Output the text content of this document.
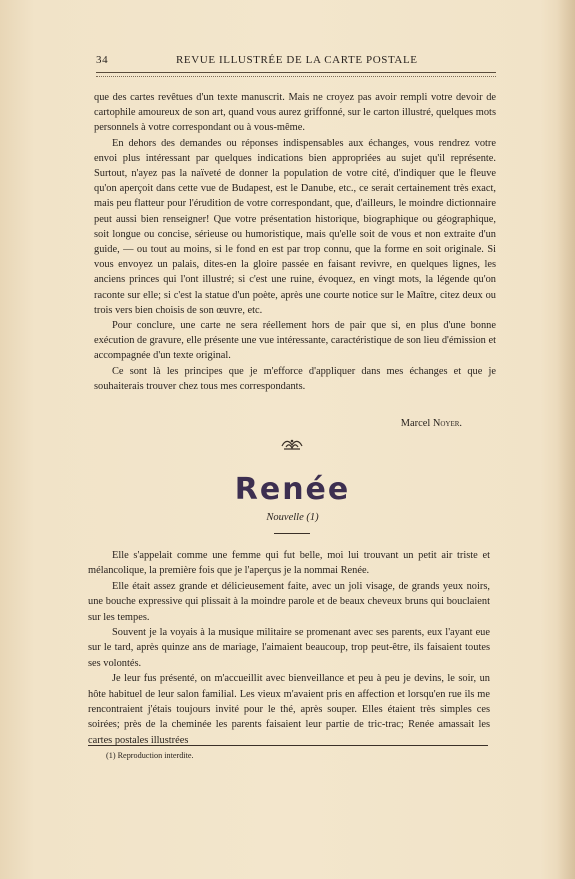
34	REVUE ILLUSTRÉE DE LA CARTE POSTALE

que des cartes revêtues d'un texte manuscrit. Mais ne croyez pas avoir rempli votre devoir de cartophile amoureux de son art, quand vous aurez griffonné, sur le carton illustré, quelques mots personnels à votre correspondant ou à vous-même.

En dehors des demandes ou réponses indispensables aux échanges, vous rendrez votre envoi plus intéressant par quelques indications bien appropriées au sujet qu'il représente. Surtout, n'ayez pas la naïveté de donner la population de votre cité, d'indiquer que le fleuve qu'on aperçoit dans cette vue de Budapest, est le Danube, etc., ce serait certainement très exact, mais peu flatteur pour l'érudition de votre correspondant, que, d'ailleurs, le moindre dictionnaire peut aussi bien renseigner! Que votre présentation historique, biographique ou géographique, soit longue ou concise, sérieuse ou humoristique, mais qu'elle soit de vous et non extraite d'un guide, — ou tout au moins, si le fond en est par trop connu, que la forme en soit originale. Si vous envoyez un palais, dites-en la gloire passée en faisant revivre, en quelques lignes, les anciens princes qui l'ont illustré; si c'est une ruine, évoquez, en vingt mots, la légende qu'on raconte sur elle; si c'est la statue d'un poète, après une courte notice sur le Maître, citez deux ou trois vers bien choisis de son œuvre, etc.

Pour conclure, une carte ne sera réellement hors de pair que si, en plus d'une bonne exécution de gravure, elle présente une vue intéressante, caractéristique de son lieu d'émission et accompagnée d'un texte original.

Ce sont là les principes que je m'efforce d'appliquer dans mes échanges et que je souhaiterais trouver chez tous mes correspondants.

Marcel Noyer.
Renée
Nouvelle (1)

Elle s'appelait comme une femme qui fut belle, moi lui trouvant un petit air triste et mélancolique, la première fois que je l'aperçus je la nommai Renée.

Elle était assez grande et délicieusement faite, avec un joli visage, de grands yeux noirs, une bouche expressive qui plissait à la moindre parole et de beaux cheveux bruns qui bouclaient sur les tempes.

Souvent je la voyais à la musique militaire se promenant avec ses parents, eux l'ayant eue sur le tard, après quinze ans de mariage, l'aimaient beaucoup, trop peut-être, ils faisaient toutes ses volontés.

Je leur fus présenté, on m'accueillit avec bienveillance et peu à peu je devins, le soir, un hôte habituel de leur salon familial. Les vieux m'avaient pris en affection et lorsqu'en rue ils me rencontraient j'étais toujours invité pour le thé, après souper. Elles étaient très simples ces soirées; près de la cheminée les parents faisaient leur partie de tric-trac; Renée amassait les cartes postales illustrées

(1) Reproduction interdite.
